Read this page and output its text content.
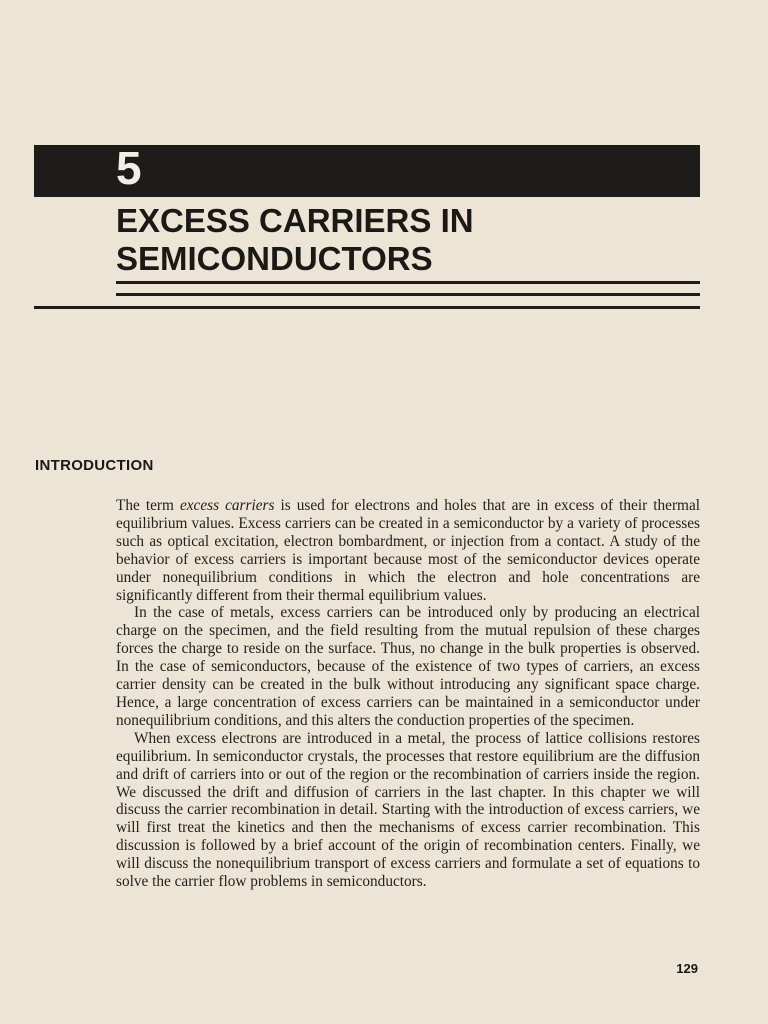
5
EXCESS CARRIERS IN SEMICONDUCTORS
INTRODUCTION

The term excess carriers is used for electrons and holes that are in excess of their thermal equilibrium values. Excess carriers can be created in a semiconductor by a variety of processes such as optical excitation, electron bombardment, or injection from a contact. A study of the behavior of excess carriers is important because most of the semiconductor devices operate under nonequilibrium conditions in which the electron and hole concentrations are significantly different from their thermal equilibrium values.

In the case of metals, excess carriers can be introduced only by producing an electrical charge on the specimen, and the field resulting from the mutual repulsion of these charges forces the charge to reside on the surface. Thus, no change in the bulk properties is observed. In the case of semiconductors, because of the existence of two types of carriers, an excess carrier density can be created in the bulk without introducing any significant space charge. Hence, a large concentration of excess carriers can be maintained in a semiconductor under nonequilibrium conditions, and this alters the conduction properties of the specimen.

When excess electrons are introduced in a metal, the process of lattice collisions restores equilibrium. In semiconductor crystals, the processes that restore equilibrium are the diffusion and drift of carriers into or out of the region or the recombination of carriers inside the region. We discussed the drift and diffusion of carriers in the last chapter. In this chapter we will discuss the carrier recombination in detail. Starting with the introduction of excess carriers, we will first treat the kinetics and then the mechanisms of excess carrier recombination. This discussion is followed by a brief account of the origin of recombination centers. Finally, we will discuss the nonequilibrium transport of excess carriers and formulate a set of equations to solve the carrier flow problems in semiconductors.

129
